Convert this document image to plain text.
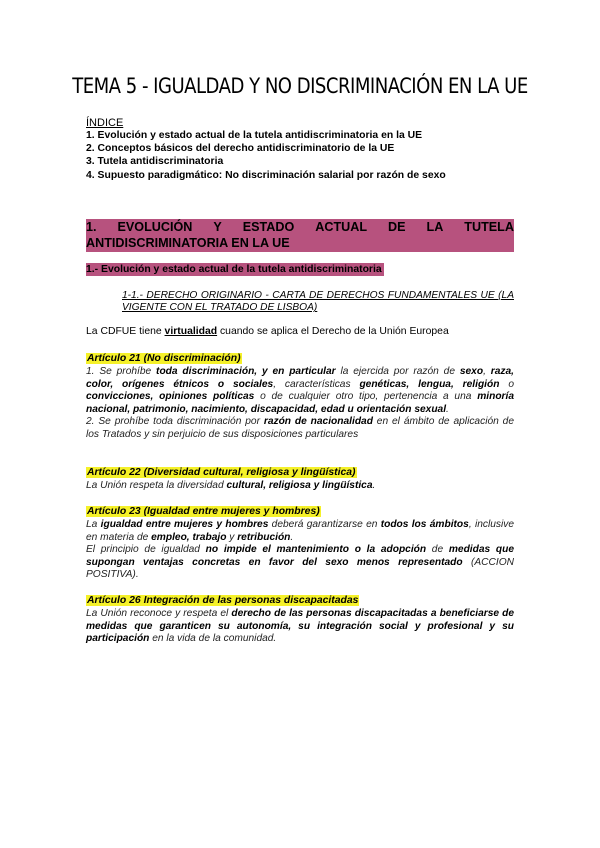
TEMA 5 - IGUALDAD Y NO DISCRIMINACIÓN EN LA UE
ÍNDICE
1. Evolución y estado actual de la tutela antidiscriminatoria en la UE
2. Conceptos básicos del derecho antidiscriminatorio de la UE
3. Tutela antidiscriminatoria
4. Supuesto paradigmático: No discriminación salarial por razón de sexo
1. EVOLUCIÓN Y ESTADO ACTUAL DE LA TUTELA
ANTIDISCRIMINATORIA EN LA UE
1.- Evolución y estado actual de la tutela antidiscriminatoria
1-1.- DERECHO ORIGINARIO - CARTA DE DERECHOS FUNDAMENTALES UE (LA VIGENTE CON EL TRATADO DE LISBOA)
La CDFUE tiene virtualidad cuando se aplica el Derecho de la Unión Europea
Artículo 21 (No discriminación)

1. Se prohíbe toda discriminación, y en particular la ejercida por razón de sexo, raza, color, orígenes étnicos o sociales, características genéticas, lengua, religión o convicciones, opiniones políticas o de cualquier otro tipo, pertenencia a una minoría nacional, patrimonio, nacimiento, discapacidad, edad u orientación sexual.

2. Se prohíbe toda discriminación por razón de nacionalidad en el ámbito de aplicación de los Tratados y sin perjuicio de sus disposiciones particulares

Artículo 22 (Diversidad cultural, religiosa y lingüística)

La Unión respeta la diversidad cultural, religiosa y lingüística.

Artículo 23 (Igualdad entre mujeres y hombres)

La igualdad entre mujeres y hombres deberá garantizarse en todos los ámbitos, inclusive en materia de empleo, trabajo y retribución.

El principio de igualdad no impide el mantenimiento o la adopción de medidas que supongan ventajas concretas en favor del sexo menos representado (ACCION POSITIVA).

Artículo 26 Integración de las personas discapacitadas

La Unión reconoce y respeta el derecho de las personas discapacitadas a beneficiarse de medidas que garanticen su autonomía, su integración social y profesional y su participación en la vida de la comunidad.
